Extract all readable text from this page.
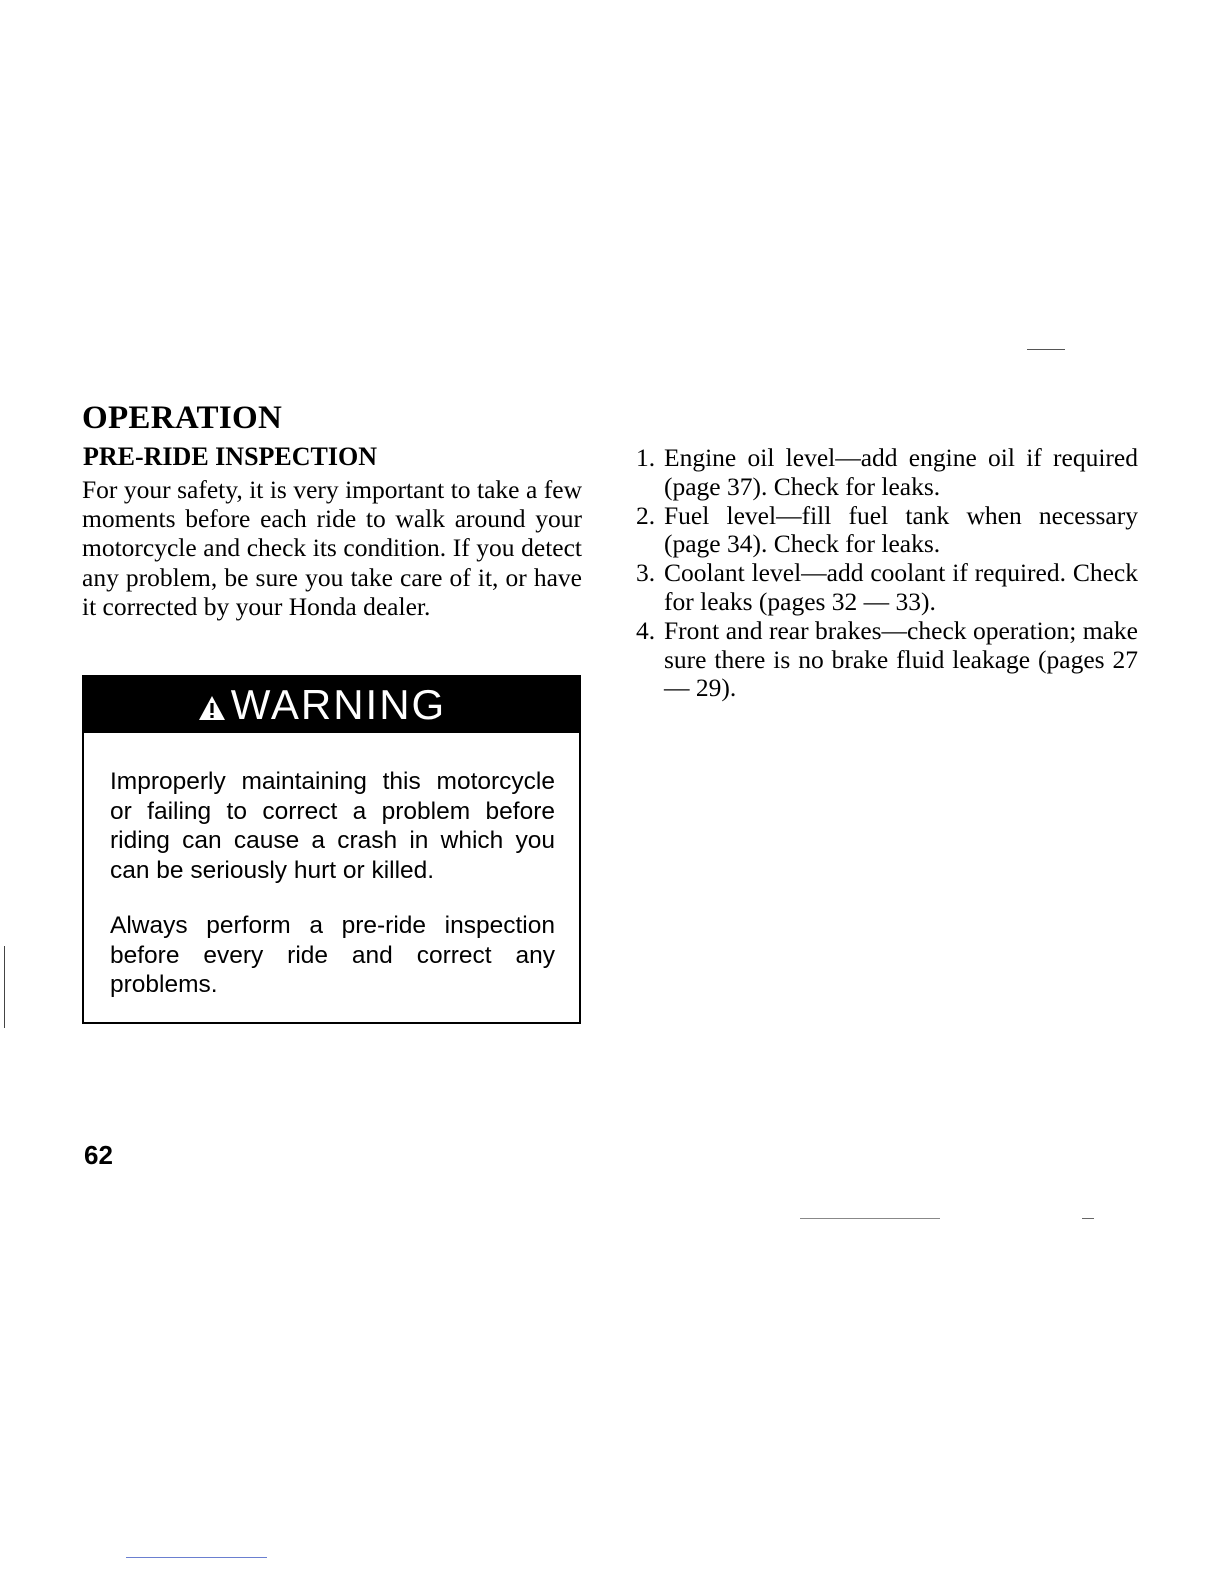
OPERATION
PRE-RIDE INSPECTION

For your safety, it is very important to take a few moments before each ride to walk around your motorcycle and check its condition. If you detect any problem, be sure you take care of it, or have it corrected by your Honda dealer.

WARNING

Improperly maintaining this motorcycle or failing to correct a problem before riding can cause a crash in which you can be seriously hurt or killed.

Always perform a pre-ride inspection before every ride and correct any problems.

1. Engine oil level—add engine oil if required (page 37). Check for leaks.
2. Fuel level—fill fuel tank when necessary (page 34). Check for leaks.
3. Coolant level—add coolant if required. Check for leaks (pages 32 — 33).
4. Front and rear brakes—check operation; make sure there is no brake fluid leakage (pages 27 — 29).

62
